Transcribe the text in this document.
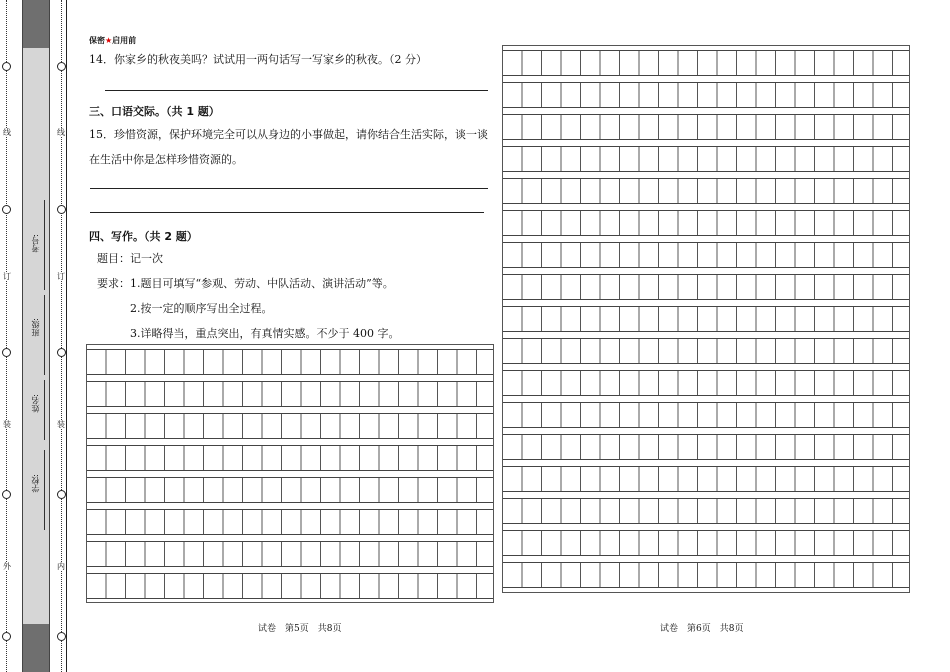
线
订
装
外
考号:
班级:
姓名:
学校:
线
订
装
内
保密★启用前
14．你家乡的秋夜美吗？试试用一两句话写一写家乡的秋夜。（2 分）
三、口语交际。（共 1 题）
15．珍惜资源，保护环境完全可以从身边的小事做起，请你结合生活实际，谈一谈
在生活中你是怎样珍惜资源的。
四、写作。（共 2 题）
题目：记一次
要求：1.题目可填写“参观、劳动、中队活动、演讲活动”等。
2.按一定的顺序写出全过程。
3.详略得当，重点突出，有真情实感。不少于 400 字。
试卷　第5页　共8页	试卷　第6页　共8页
